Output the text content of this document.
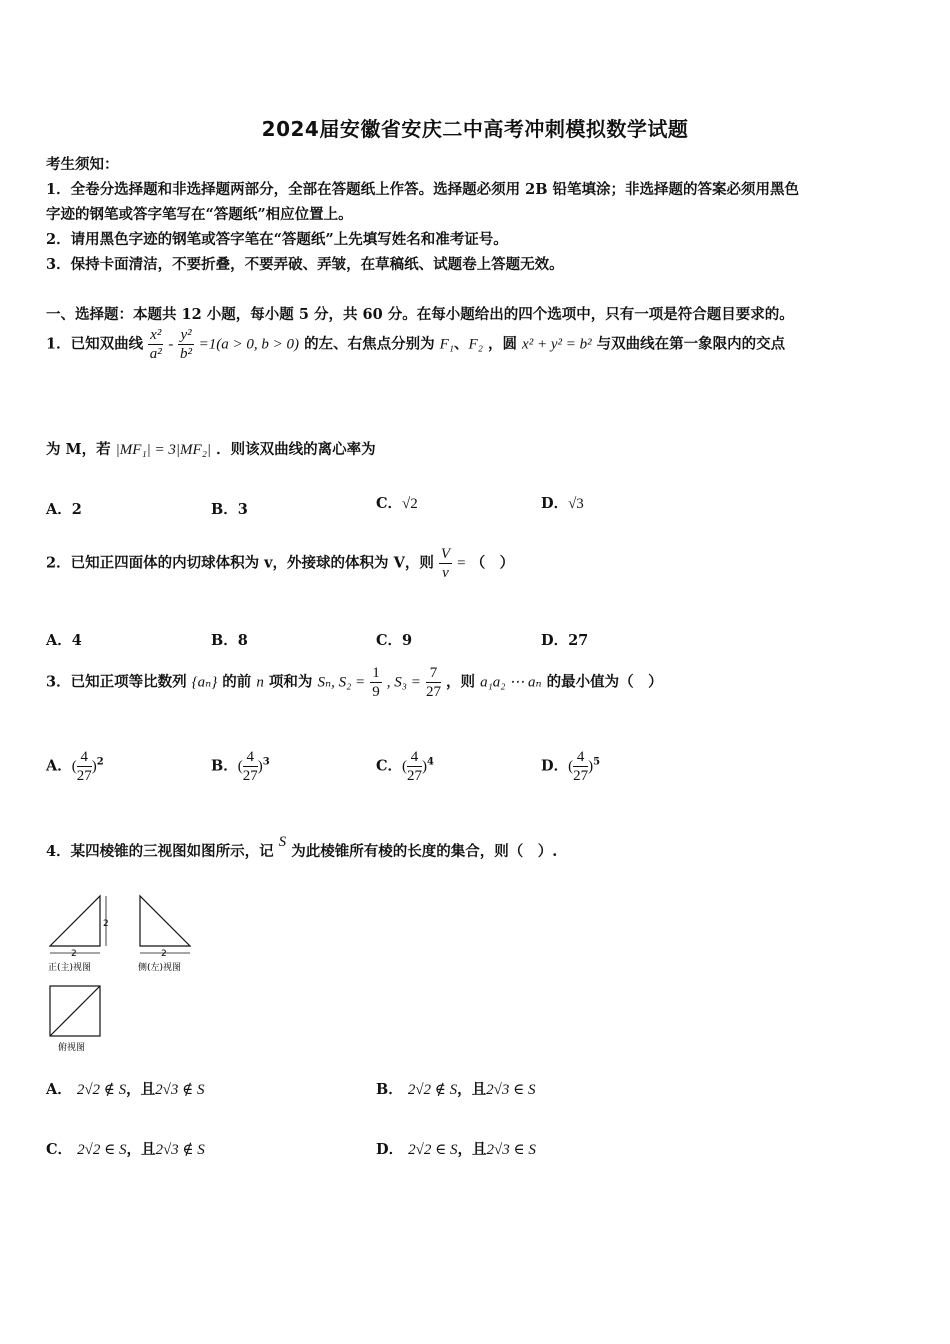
2024届安徽省安庆二中高考冲刺模拟数学试题
考生须知：
1．全卷分选择题和非选择题两部分，全部在答题纸上作答。选择题必须用 2B 铅笔填涂；非选择题的答案必须用黑色
字迹的钢笔或答字笔写在“答题纸”相应位置上。
2．请用黑色字迹的钢笔或答字笔在“答题纸”上先填写姓名和准考证号。
3．保持卡面清洁，不要折叠，不要弄破、弄皱，在草稿纸、试题卷上答题无效。
一、选择题：本题共 12 小题，每小题 5 分，共 60 分。在每小题给出的四个选项中，只有一项是符合题目要求的。
1．已知双曲线 $\frac{\text{x²}}{\text{a²}} - \frac{\text{y²}}{\text{b²}} =1(a > 0$, b > 0) 的左、右焦点分别为 F₁、F₂ ，圆 x² + y² = b² 与双曲线在第一象限内的交点
为 M，若 |MF₁| = 3|MF₂| ．则该双曲线的离心率为
A．2	B．3	C．√2	D．√3
2．已知正四面体的内切球体积为 v，外接球的体积为 V，则 $\frac{V}{v}$ = （　）
A．4	B．8	C．9	D．27
3．已知正项等比数列 {aₙ} 的前 n 项和为 Sₙ, $S_2 = \frac{1}{9}$ , $S_3 = \frac{7}{27}$ ，则 a₁a₂ ⋯ aₙ 的最小值为（　）
A．( $\frac{4}{27} )^2$	B．( $\frac{4}{27} )^3$	C．( $\frac{4}{27} )^4$	D．( $\frac{4}{27} )^5$
4．某四棱锥的三视图如图所示，记 S 为此棱锥所有棱的长度的集合，则（　）.
2
2
正(主)视图
2
侧(左)视图
俯视图
A． 2√2 ∉ S，且2√3 ∉ S	B． 2√2 ∉ S，且2√3 ∈ S
C． 2√2 ∈ S，且2√3 ∉ S	D． 2√2 ∈ S，且2√3 ∈ S
